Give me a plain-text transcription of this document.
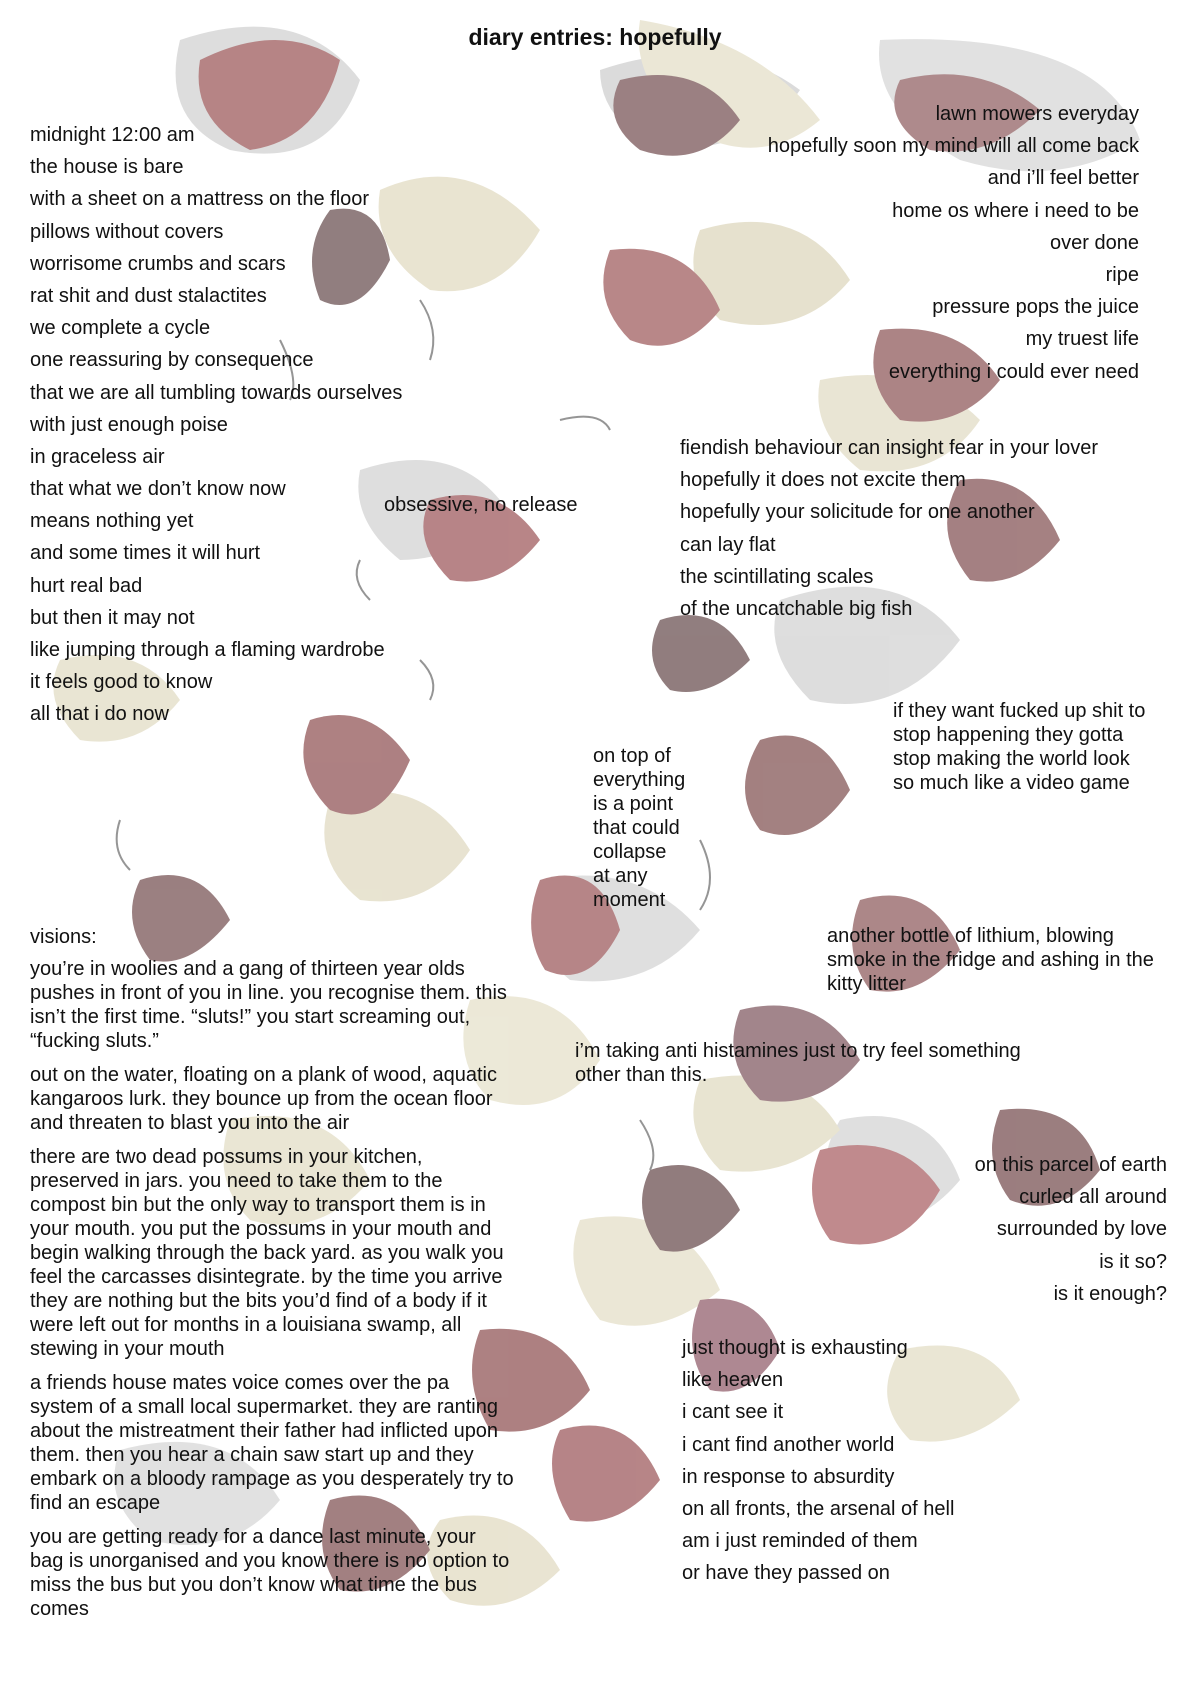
diary entries: hopefully
midnight 12:00 am
the house is bare
with a sheet on a mattress on the floor
pillows without covers
worrisome crumbs and scars
rat shit and dust stalactites
we complete a cycle
one reassuring by consequence
that we are all tumbling towards ourselves
with just enough poise
in graceless air
that what we don’t know now
means nothing yet
and some times it will hurt
hurt real bad
but then it may not
like jumping through a flaming wardrobe
it feels good to know
all that i do now
obsessive, no release
lawn mowers everyday
hopefully soon my mind will all come back
and i’ll feel better
home os where i need to be
over done
ripe
pressure pops the juice
my truest life
everything i could ever need
fiendish behaviour can insight fear in your lover
hopefully it does not excite them
hopefully your solicitude for one another
can lay flat
the scintillating scales
of the uncatchable big fish
if they want fucked up shit to
stop happening they gotta
stop making the world look
so much like a video game
on top of
everything
is a point
that could
collapse
at any
moment
another bottle of lithium, blowing
smoke in the fridge and ashing in the
kitty litter
i’m taking anti histamines just to try feel something
other than this.
visions:

you’re in woolies and a gang of thirteen year olds pushes in front of you in line. you recognise them. this isn’t the first time. “sluts!” you start screaming out, “fucking sluts.”

out on the water, floating on a plank of wood, aquatic kangaroos lurk. they bounce up from the ocean floor and threaten to blast you into the air

there are two dead possums in your kitchen, preserved in jars. you need to take them to the compost bin but the only way to transport them is in your mouth. you put the possums in your mouth and begin walking through the back yard. as you walk you feel the carcasses disintegrate. by the time you arrive they are nothing but the bits you’d find of a body if it were left out for months in a louisiana swamp, all stewing in your mouth

a friends house mates voice comes over the pa system of a small local supermarket. they are ranting about the mistreatment their father had inflicted upon them. then you hear a chain saw start up and they embark on a bloody rampage as you desperately try to find an escape

you are getting ready for a dance last minute, your bag is unorganised and you know there is no option to miss the bus but you don’t know what time the bus comes

on this parcel of earth
curled all around
surrounded by love
is it so?
is it enough?
just thought is exhausting
like heaven
i cant see it
i cant find another world
in response to absurdity
on all fronts, the arsenal of hell
am i just reminded of them
or have they passed on
